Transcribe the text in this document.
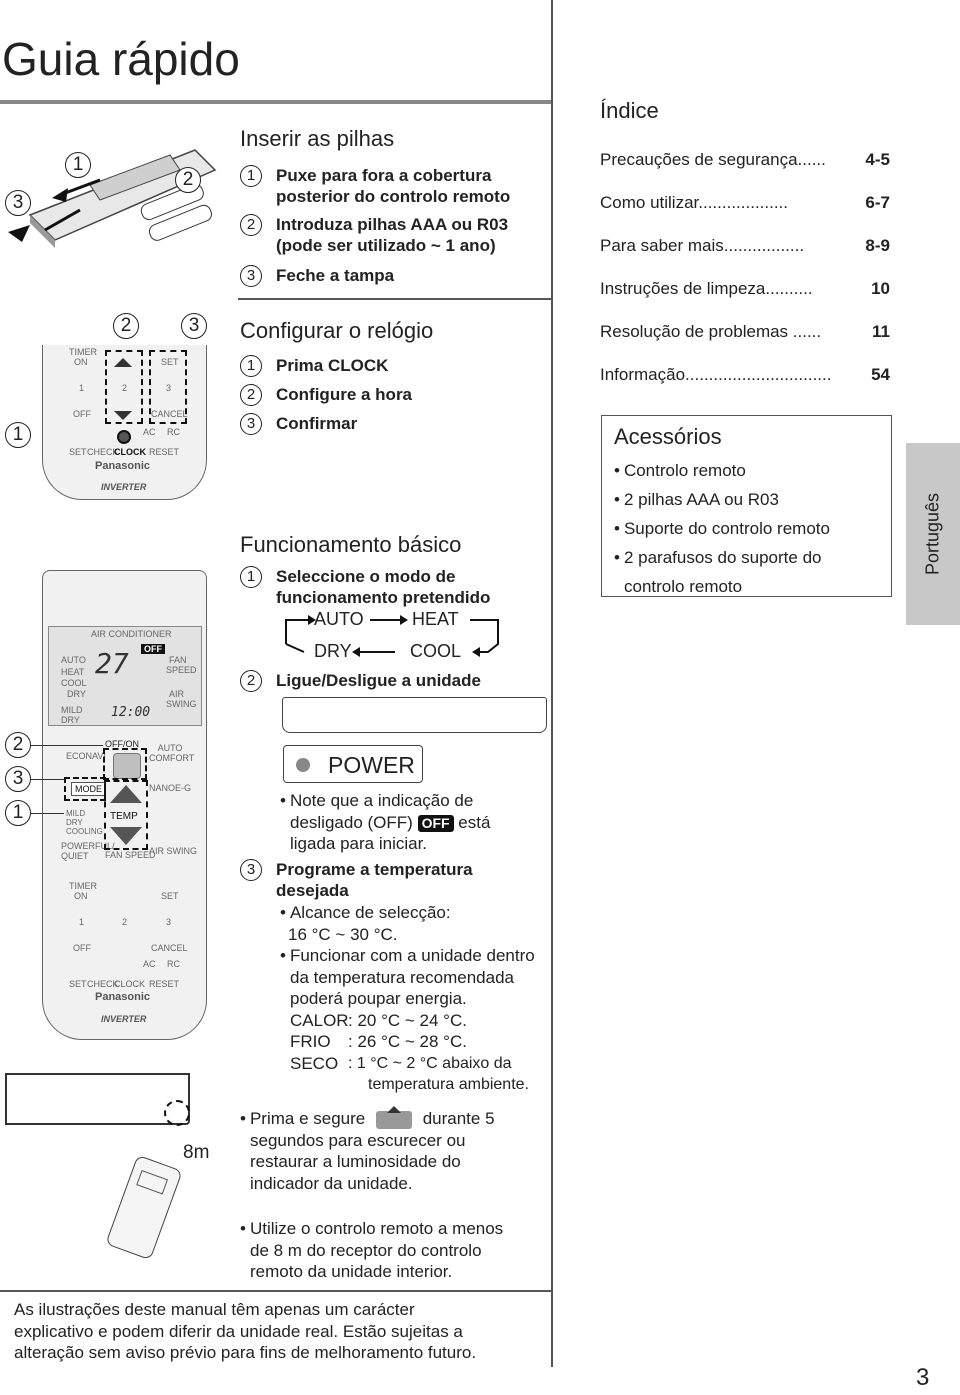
Guia rápido
3
1
2
Inserir as pilhas
1	Puxe para fora a cobertura
posterior do controlo remoto
2	Introduza pilhas AAA ou R03
(pode ser utilizado ~ 1 ano)
3	Feche a tampa
TIMER
ON	SET
1	2	3
OFF	CANCEL
AC RC
SET CHECK
CLOCK RESET
Panasonic
INVERTER
2	3
1
Configurar o relógio
1	Prima CLOCK
2	Configure a hora
3	Confirmar
AIR CONDITIONER
AUTO
HEAT
COOL
DRY
MILD DRY
27
12:00
OFF
FAN
SPEED
AIR
SWING
OFF/ON
ECONAVI
AUTO COMFORT
MODE	NANOE-G
MILD DRY COOLING
TEMP
POWERFUL/ QUIET	FAN SPEED
AIR SWING
TIMER
ON	SET
1	2	3
OFF	CANCEL
AC RC
SET CHECK
CLOCK RESET
Panasonic
INVERTER
2
3
1
8m
Funcionamento básico
1	Seleccione o modo de
funcionamento pretendido
AUTO	HEAT
DRY	COOL
2	Ligue/Desligue a unidade
POWER
• Note que a indicação de
desligado (OFF) OFF está
ligada para iniciar.
3	Programe a temperatura
desejada
• Alcance de selecção:
16 °C ~ 30 °C.
• Funcionar com a unidade dentro
da temperatura recomendada
poderá poupar energia.
CALOR : 20 °C ~ 24 °C.
FRIO : 26 °C ~ 28 °C.
SECO : 1 °C ~ 2 °C abaixo da
temperatura ambiente.
• Prima e segure	durante 5
segundos para escurecer ou
restaurar a luminosidade do
indicador da unidade.
• Utilize o controlo remoto a menos
de 8 m do receptor do controlo
remoto da unidade interior.
As ilustrações deste manual têm apenas um carácter
explicativo e podem diferir da unidade real. Estão sujeitas a
alteração sem aviso prévio para fins de melhoramento futuro.
Índice
Precauções de segurança...... 4-5
Como utilizar...................	6-7
Para saber mais.................	8-9
Instruções de limpeza..........	10
Resolução de problemas ......	11
Informação............................... 54
Acessórios
• Controlo remoto
• 2 pilhas AAA ou R03
• Suporte do controlo remoto
• 2 parafusos do suporte do
controlo remoto
Português
3
